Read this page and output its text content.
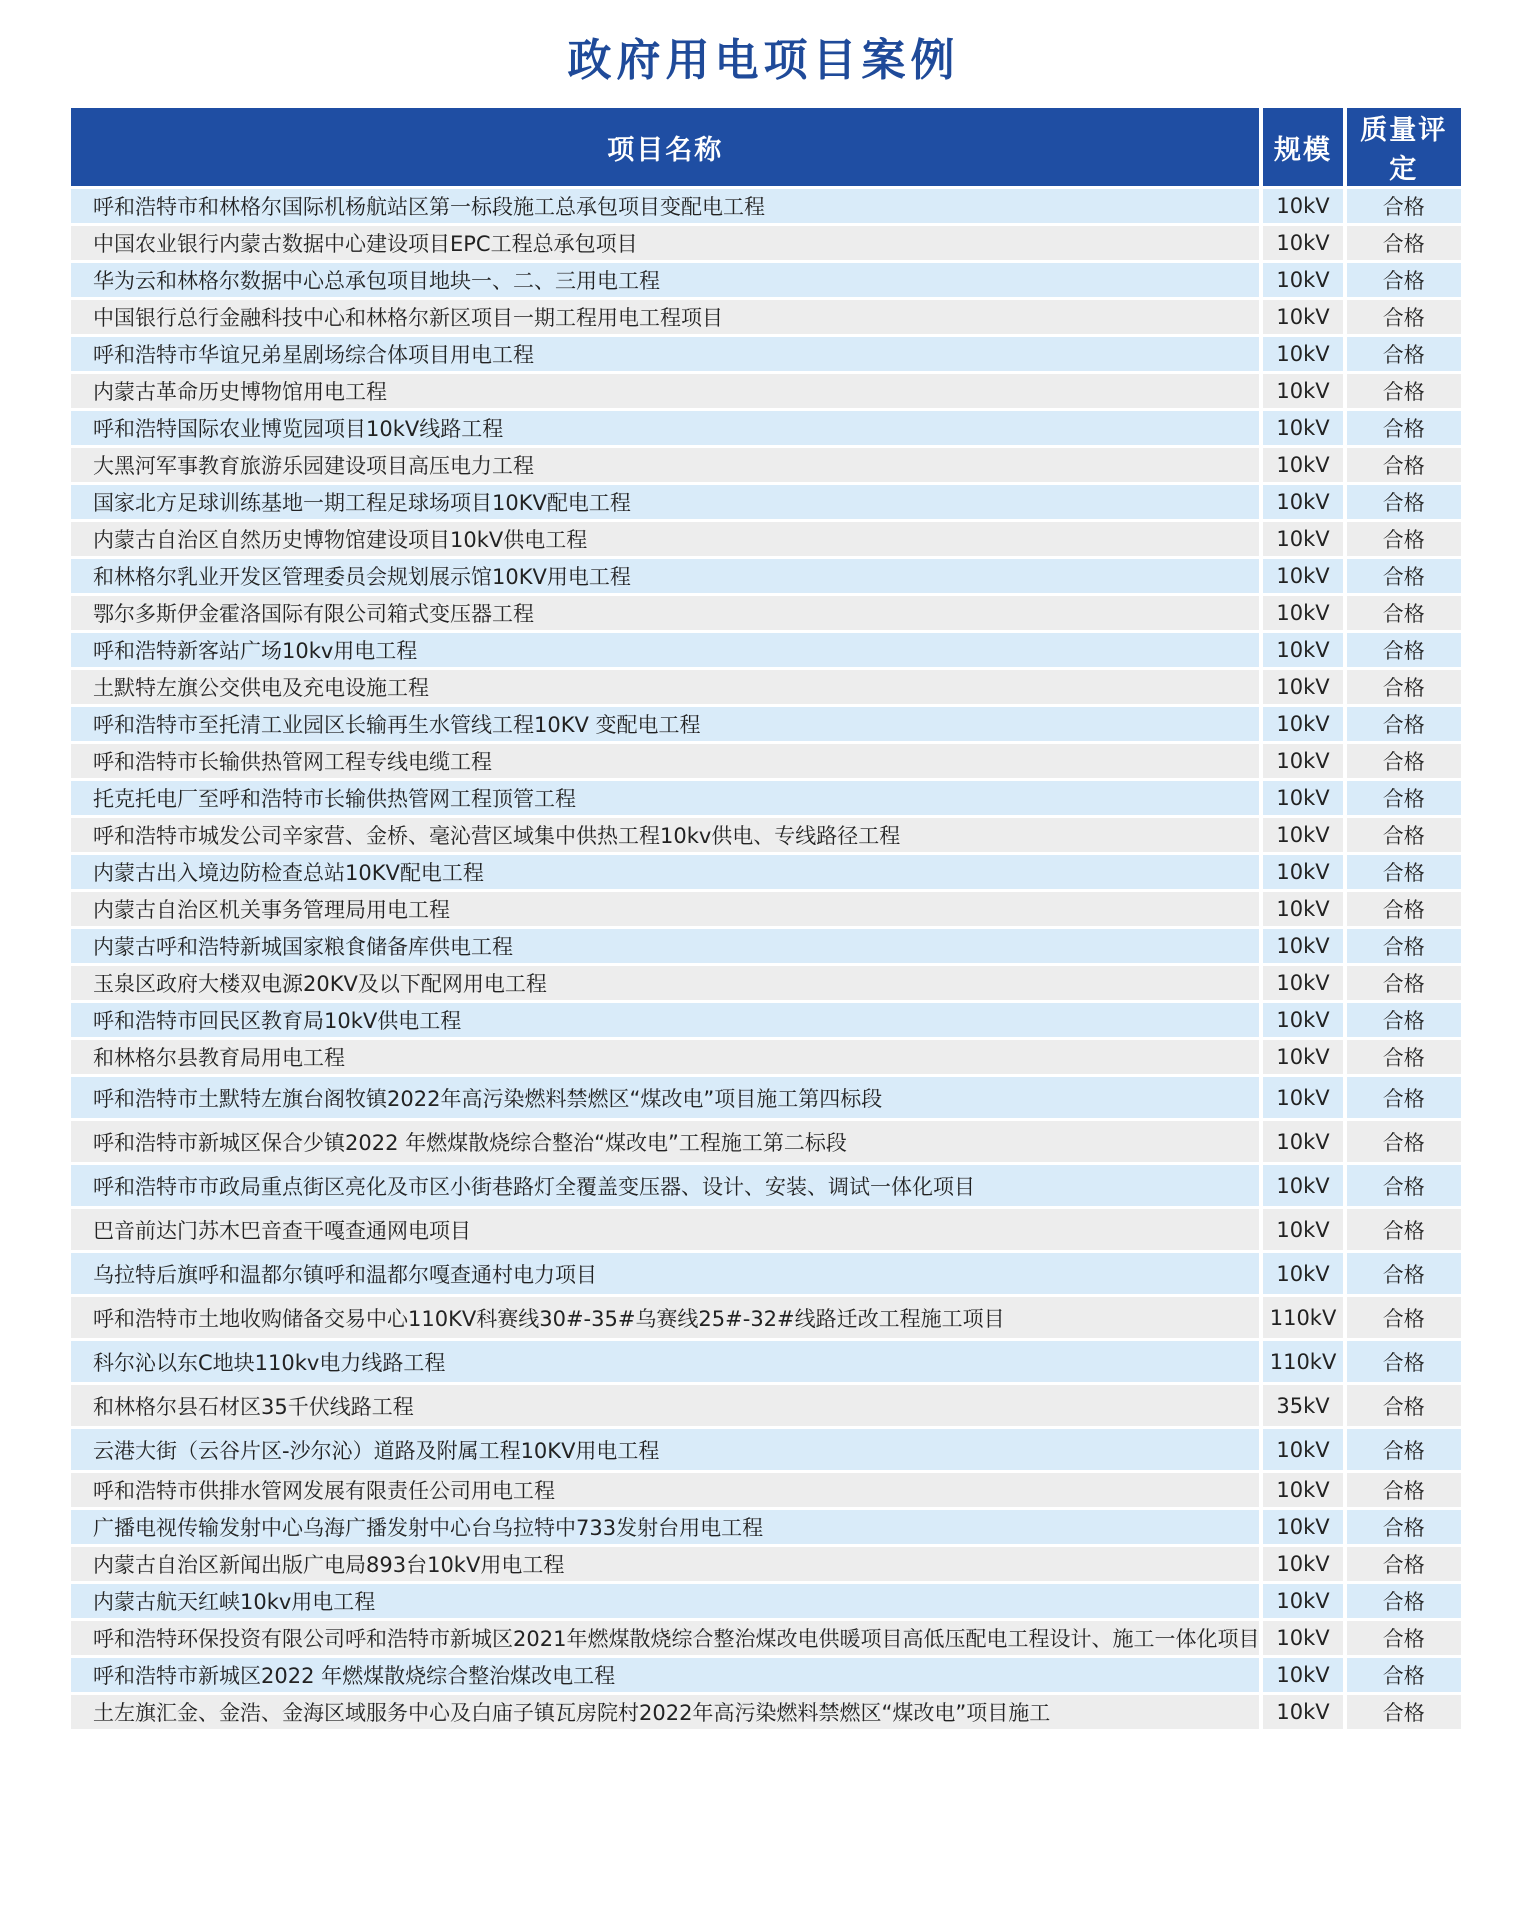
政府用电项目案例
项目名称	规模	质量评定
呼和浩特市和林格尔国际机杨航站区第一标段施工总承包项目变配电工程	10kV	合格
中国农业银行内蒙古数据中心建设项目EPC工程总承包项目	10kV	合格
华为云和林格尔数据中心总承包项目地块一、二、三用电工程	10kV	合格
中国银行总行金融科技中心和林格尔新区项目一期工程用电工程项目	10kV	合格
呼和浩特市华谊兄弟星剧场综合体项目用电工程	10kV	合格
内蒙古革命历史博物馆用电工程	10kV	合格
呼和浩特国际农业博览园项目10kV线路工程	10kV	合格
大黑河军事教育旅游乐园建设项目高压电力工程	10kV	合格
国家北方足球训练基地一期工程足球场项目10KV配电工程	10kV	合格
内蒙古自治区自然历史博物馆建设项目10kV供电工程	10kV	合格
和林格尔乳业开发区管理委员会规划展示馆10KV用电工程	10kV	合格
鄂尔多斯伊金霍洛国际有限公司箱式变压器工程	10kV	合格
呼和浩特新客站广场10kv用电工程	10kV	合格
土默特左旗公交供电及充电设施工程	10kV	合格
呼和浩特市至托清工业园区长输再生水管线工程10KV 变配电工程	10kV	合格
呼和浩特市长输供热管网工程专线电缆工程	10kV	合格
托克托电厂至呼和浩特市长输供热管网工程顶管工程	10kV	合格
呼和浩特市城发公司辛家营、金桥、毫沁营区域集中供热工程10kv供电、专线路径工程	10kV	合格
内蒙古出入境边防检查总站10KV配电工程	10kV	合格
内蒙古自治区机关事务管理局用电工程	10kV	合格
内蒙古呼和浩特新城国家粮食储备库供电工程	10kV	合格
玉泉区政府大楼双电源20KV及以下配网用电工程	10kV	合格
呼和浩特市回民区教育局10kV供电工程	10kV	合格
和林格尔县教育局用电工程	10kV	合格
呼和浩特市土默特左旗台阁牧镇2022年高污染燃料禁燃区“煤改电”项目施工第四标段	10kV	合格
呼和浩特市新城区保合少镇2022 年燃煤散烧综合整治“煤改电”工程施工第二标段	10kV	合格
呼和浩特市市政局重点街区亮化及市区小街巷路灯全覆盖变压器、设计、安装、调试一体化项目	10kV	合格
巴音前达门苏木巴音查干嘎查通网电项目	10kV	合格
乌拉特后旗呼和温都尔镇呼和温都尔嘎查通村电力项目	10kV	合格
呼和浩特市土地收购储备交易中心110KV科赛线30#-35#乌赛线25#-32#线路迁改工程施工项目	110kV	合格
科尔沁以东C地块110kv电力线路工程	110kV	合格
和林格尔县石材区35千伏线路工程	35kV	合格
云港大街（云谷片区-沙尔沁）道路及附属工程10KV用电工程	10kV	合格
呼和浩特市供排水管网发展有限责任公司用电工程	10kV	合格
广播电视传输发射中心乌海广播发射中心台乌拉特中733发射台用电工程	10kV	合格
内蒙古自治区新闻出版广电局893台10kV用电工程	10kV	合格
内蒙古航天红峡10kv用电工程	10kV	合格
呼和浩特环保投资有限公司呼和浩特市新城区2021年燃煤散烧综合整治煤改电供暖项目高低压配电工程设计、施工一体化项目	10kV	合格
呼和浩特市新城区2022 年燃煤散烧综合整治煤改电工程	10kV	合格
土左旗汇金、金浩、金海区域服务中心及白庙子镇瓦房院村2022年高污染燃料禁燃区“煤改电”项目施工	10kV	合格
